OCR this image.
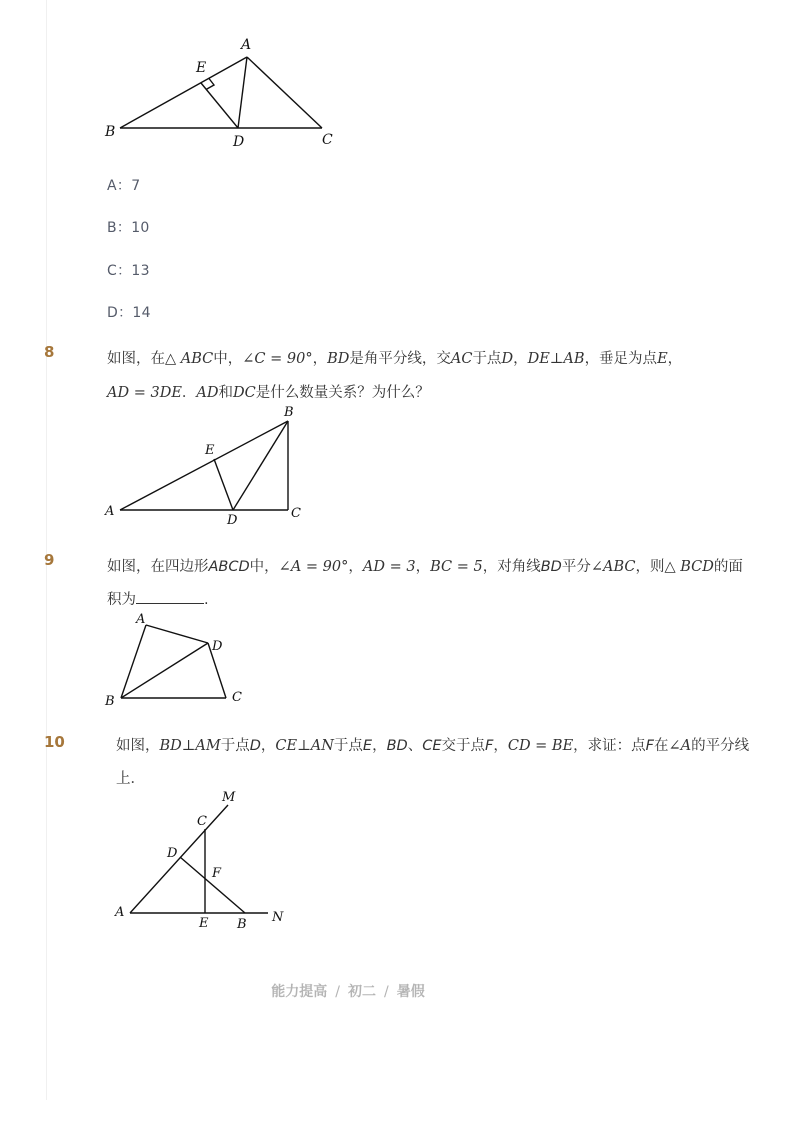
A
E
B
D	C
A：7
B：10
C：13
D：14
8	如图，在△ ABC中，∠C = 90°，BD是角平分线，交AC于点D，DE⊥AB，垂足为点E，
AD = 3DE．AD和DC是什么数量关系？为什么？
B
E
A
D	C
9	如图，在四边形ABCD中，∠A = 90°，AD = 3，BC = 5，对角线BD平分∠ABC，则△ BCD的面
积为	.
A
D
B	C
10	如图，BD⊥AM于点D，CE⊥AN于点E，BD、CE交于点F，CD = BE，求证：点F在∠A的平分线
上．
M
C
D
F
A
E B N
能力提高 / 初二 / 暑假
